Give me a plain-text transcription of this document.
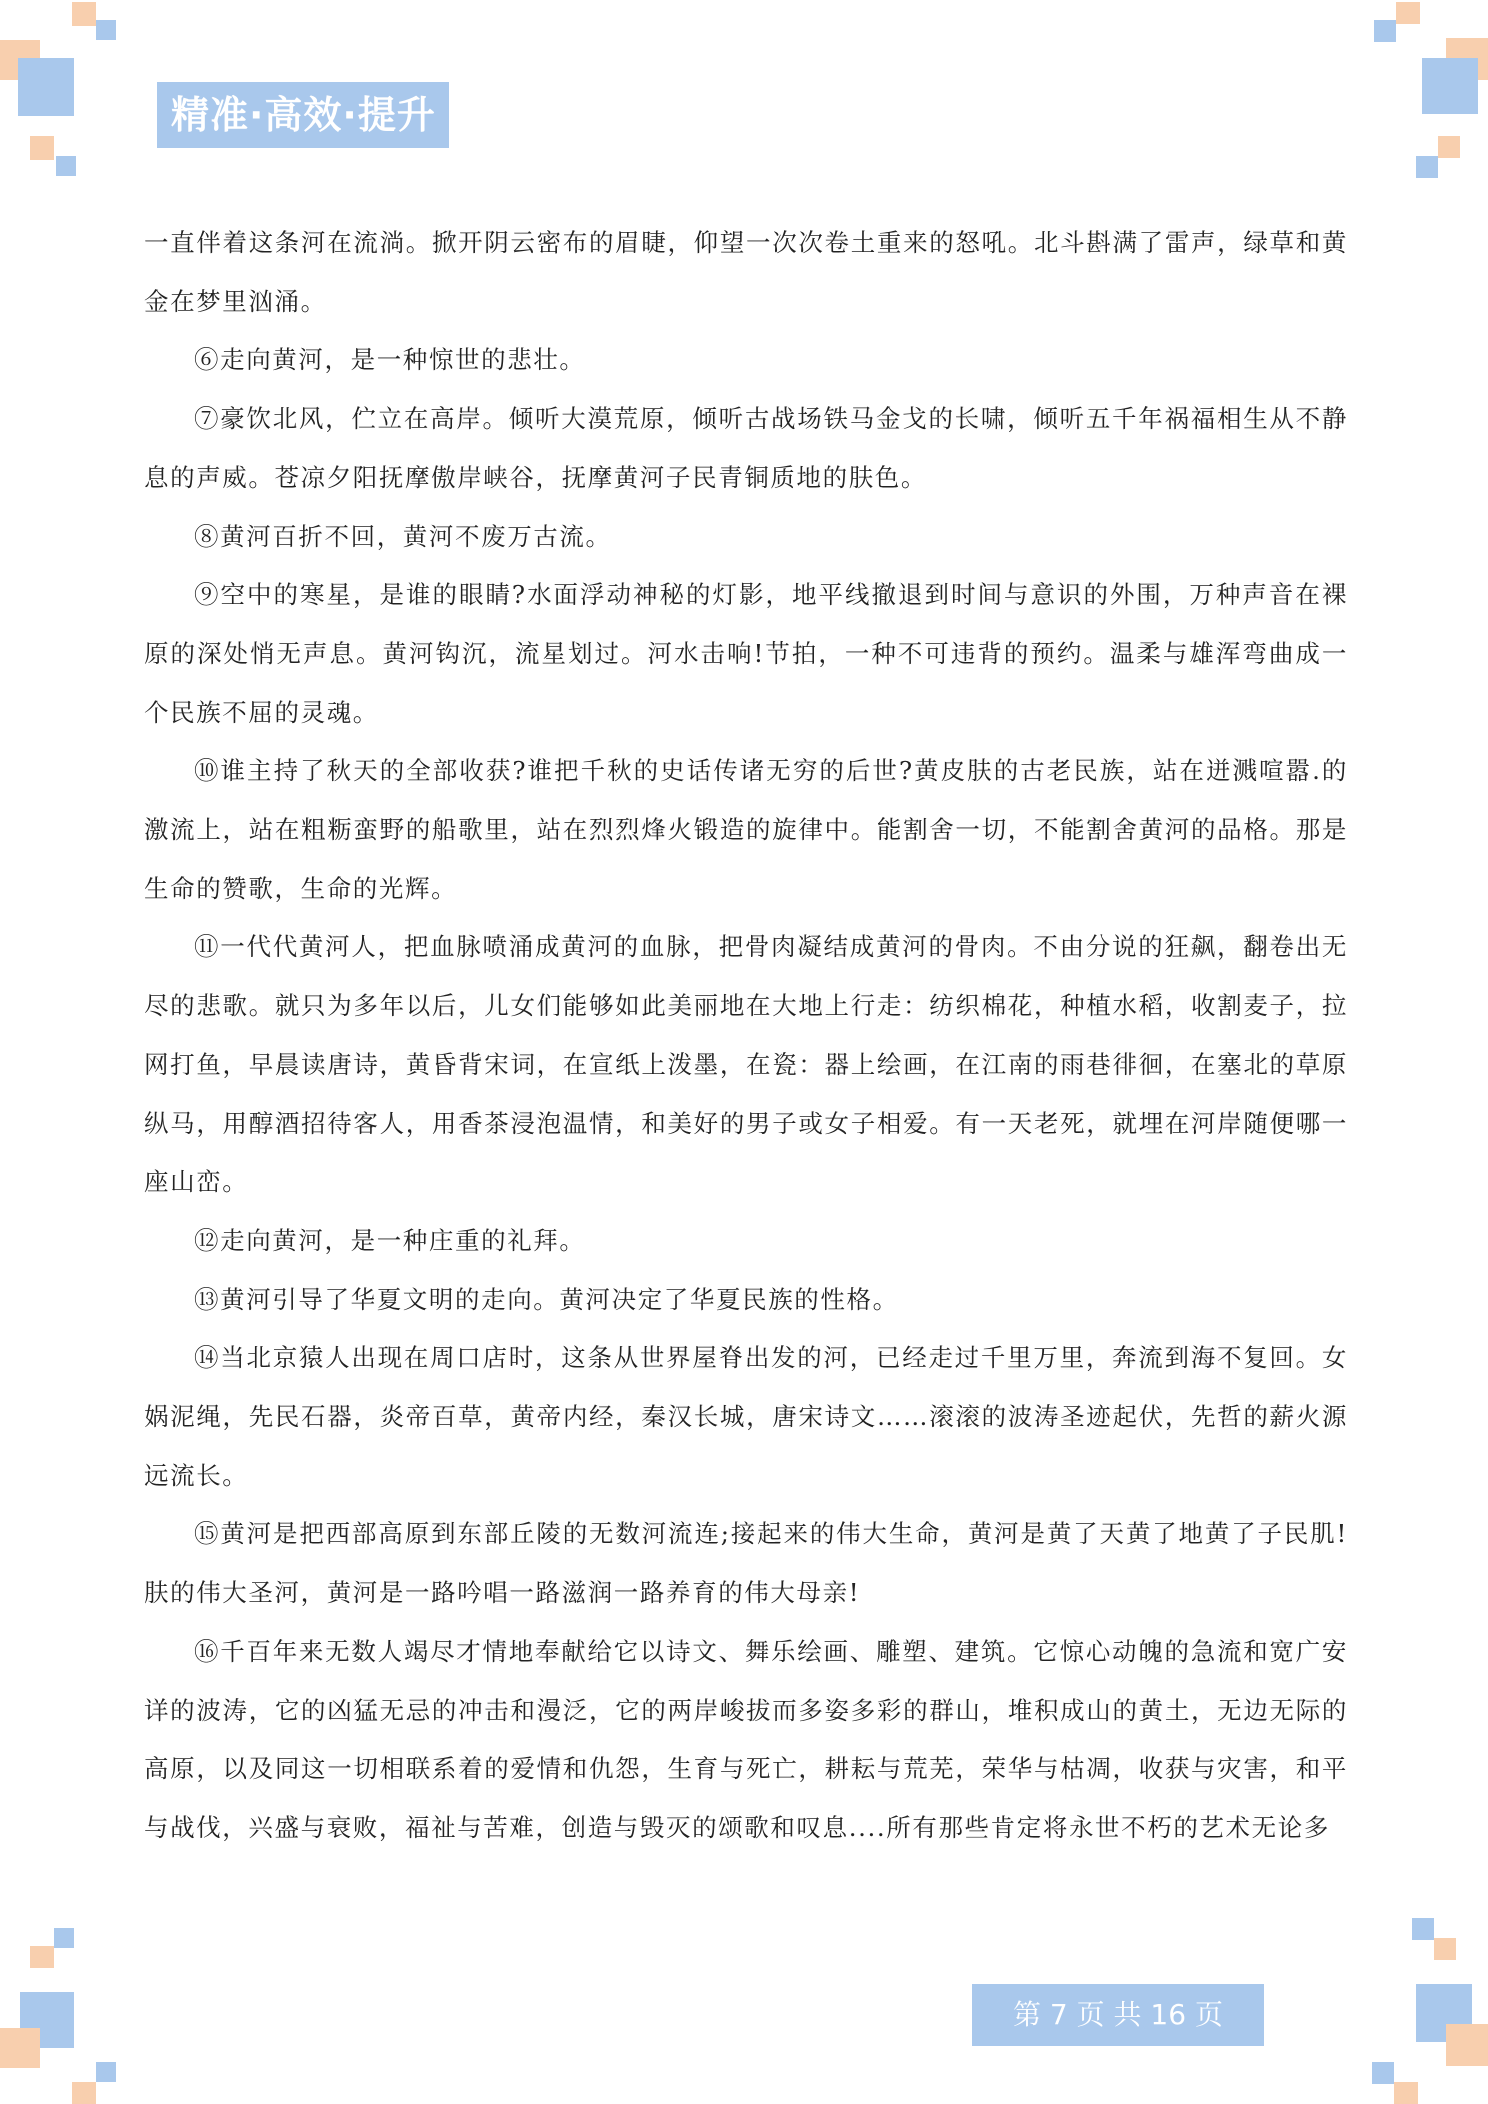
精准·高效·提升

一直伴着这条河在流淌。掀开阴云密布的眉睫，仰望一次次卷土重来的怒吼。北斗斟满了雷声，绿草和黄金在梦里汹涌。

⑥走向黄河，是一种惊世的悲壮。

⑦豪饮北风，伫立在高岸。倾听大漠荒原，倾听古战场铁马金戈的长啸，倾听五千年祸福相生从不静息的声威。苍凉夕阳抚摩傲岸峡谷，抚摩黄河子民青铜质地的肤色。

⑧黄河百折不回，黄河不废万古流。

⑨空中的寒星，是谁的眼睛?水面浮动神秘的灯影，地平线撤退到时间与意识的外围，万种声音在裸原的深处悄无声息。黄河钩沉，流星划过。河水击响!节拍，一种不可违背的预约。温柔与雄浑弯曲成一个民族不屈的灵魂。

⑩谁主持了秋天的全部收获?谁把千秋的史话传诸无穷的后世?黄皮肤的古老民族，站在迸溅喧嚣.的激流上，站在粗粝蛮野的船歌里，站在烈烈烽火锻造的旋律中。能割舍一切，不能割舍黄河的品格。那是生命的赞歌，生命的光辉。

⑪一代代黄河人，把血脉喷涌成黄河的血脉，把骨肉凝结成黄河的骨肉。不由分说的狂飙，翻卷出无尽的悲歌。就只为多年以后，儿女们能够如此美丽地在大地上行走：纺织棉花，种植水稻，收割麦子，拉网打鱼，早晨读唐诗，黄昏背宋词，在宣纸上泼墨，在瓷：器上绘画，在江南的雨巷徘徊，在塞北的草原纵马，用醇酒招待客人，用香茶浸泡温情，和美好的男子或女子相爱。有一天老死，就埋在河岸随便哪一座山峦。

⑫走向黄河，是一种庄重的礼拜。

⑬黄河引导了华夏文明的走向。黄河决定了华夏民族的性格。

⑭当北京猿人出现在周口店时，这条从世界屋脊出发的河，已经走过千里万里，奔流到海不复回。女娲泥绳，先民石器，炎帝百草，黄帝内经，秦汉长城，唐宋诗文……滚滚的波涛圣迹起伏，先哲的薪火源远流长。

⑮黄河是把西部高原到东部丘陵的无数河流连;接起来的伟大生命，黄河是黄了天黄了地黄了子民肌!肤的伟大圣河，黄河是一路吟唱一路滋润一路养育的伟大母亲!

⑯千百年来无数人竭尽才情地奉献给它以诗文、舞乐绘画、雕塑、建筑。它惊心动魄的急流和宽广安详的波涛，它的凶猛无忌的冲击和漫泛，它的两岸峻拔而多姿多彩的群山，堆积成山的黄土，无边无际的高原，以及同这一切相联系着的爱情和仇怨，生育与死亡，耕耘与荒芜，荣华与枯凋，收获与灾害，和平与战伐，兴盛与衰败，福祉与苦难，创造与毁灭的颂歌和叹息....所有那些肯定将永世不朽的艺术无论多

第 7 页 共 16 页
